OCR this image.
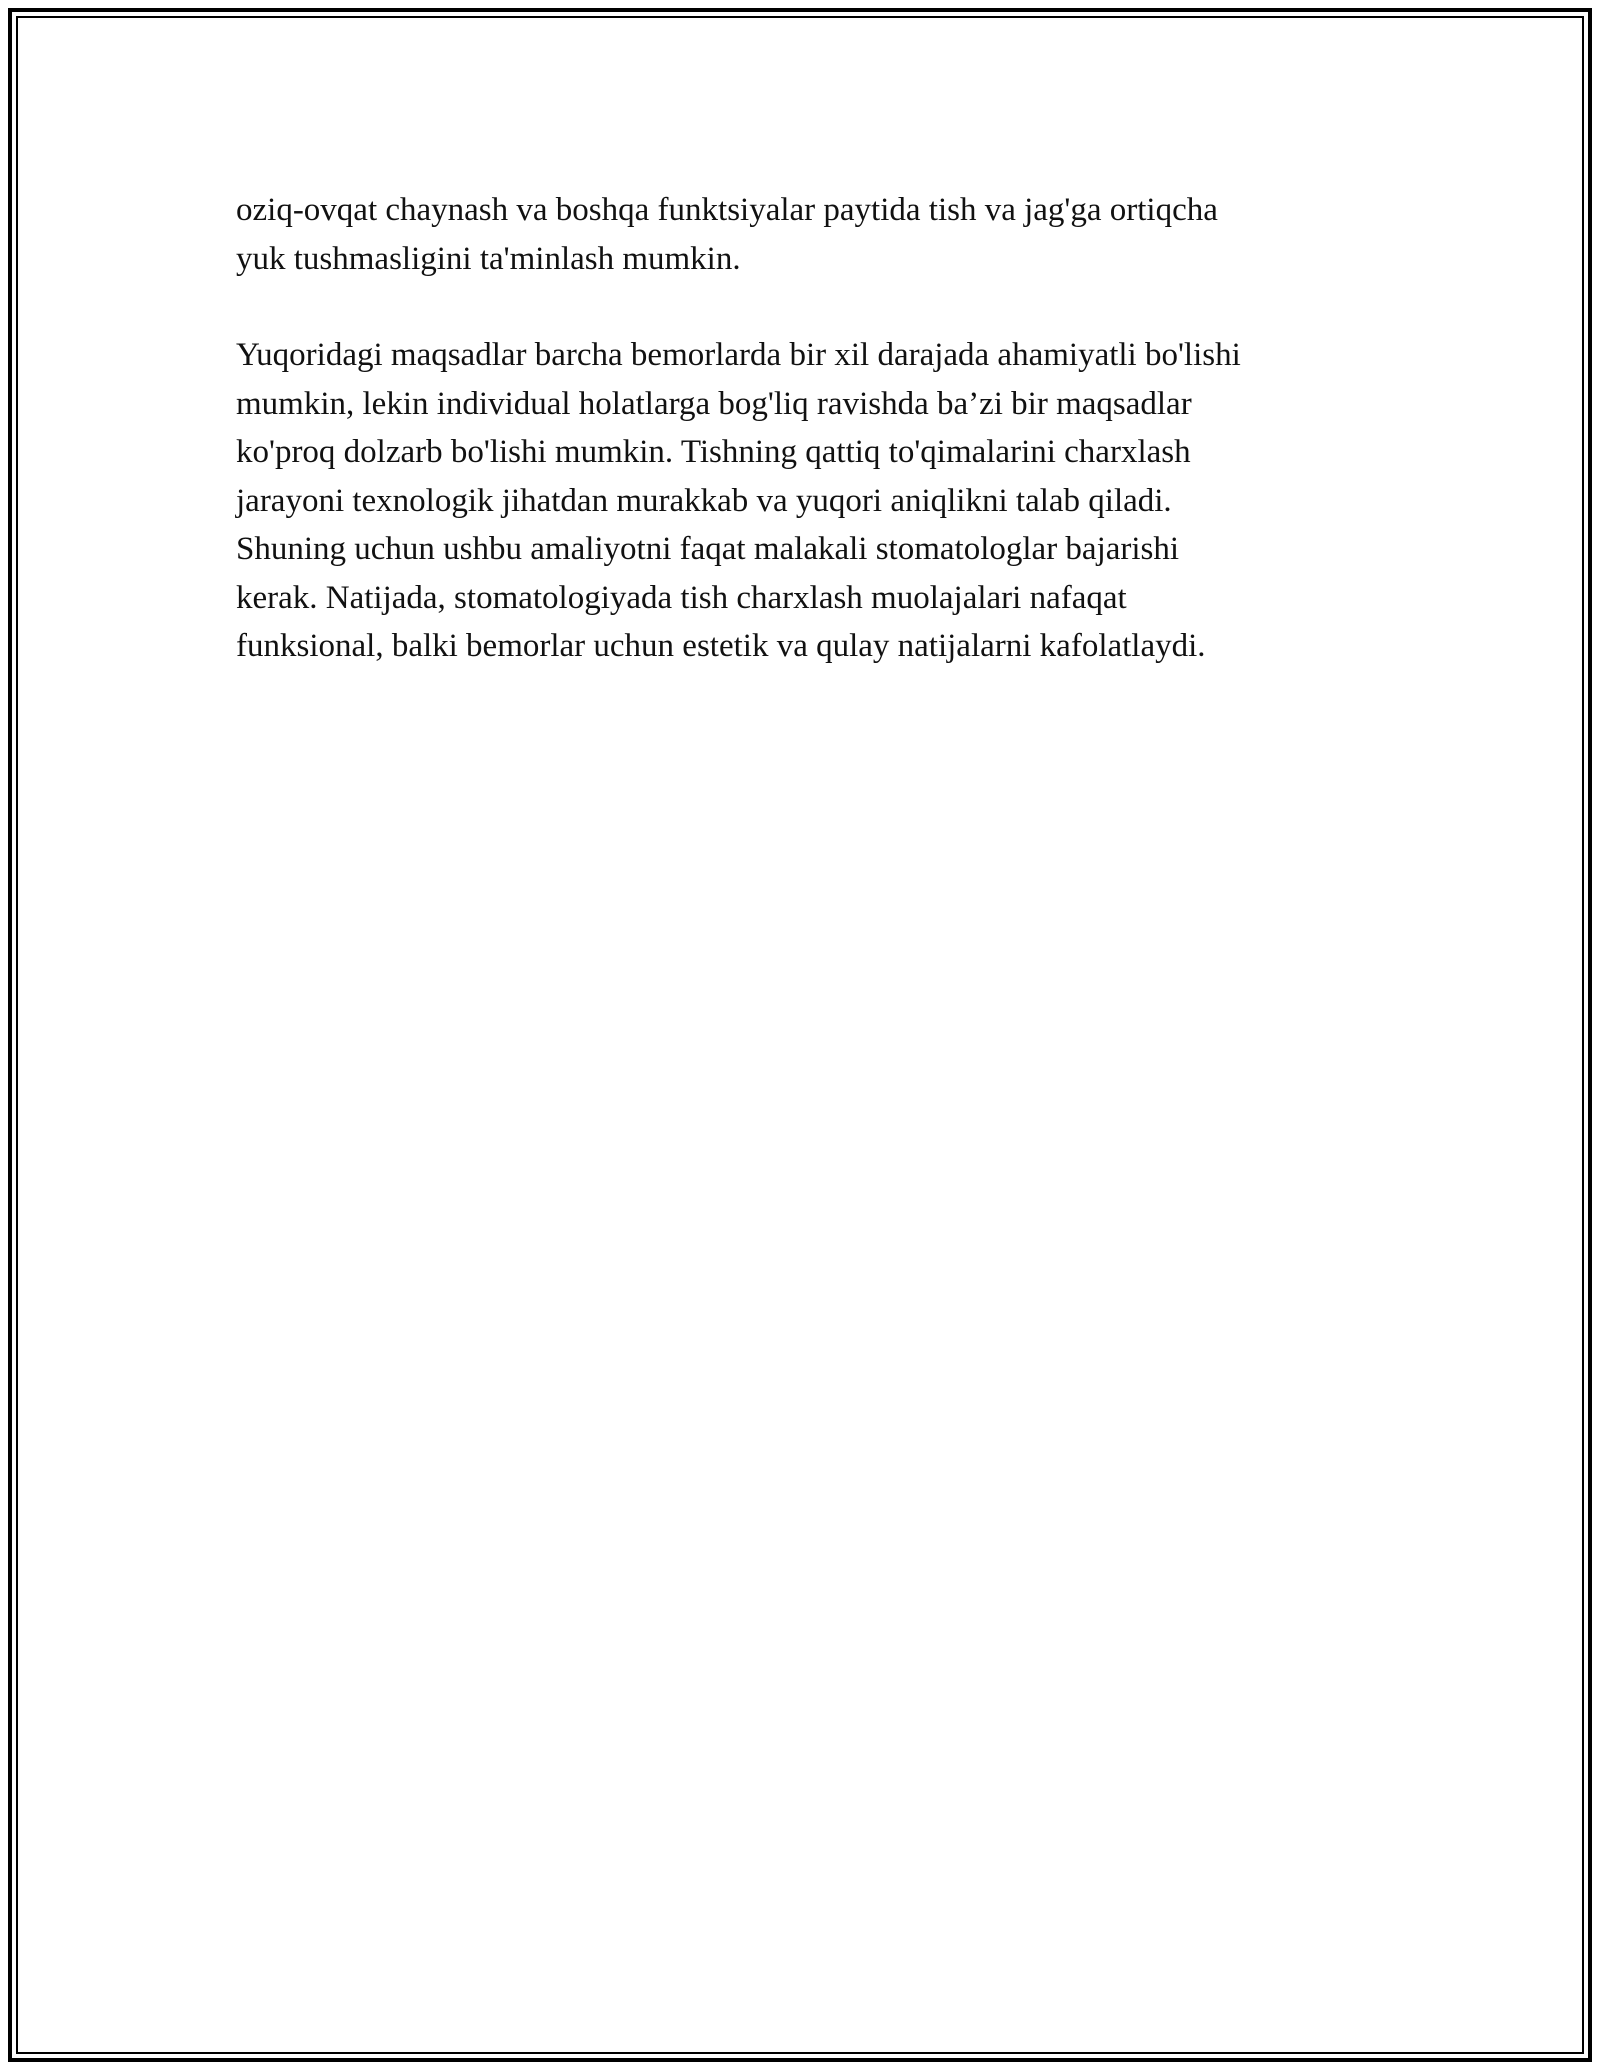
oziq-ovqat chaynash va boshqa funktsiyalar paytida tish va jag'ga ortiqcha
yuk tushmasligini ta'minlash mumkin.

Yuqoridagi maqsadlar barcha bemorlarda bir xil darajada ahamiyatli bo'lishi
mumkin, lekin individual holatlarga bog'liq ravishda ba’zi bir maqsadlar
ko'proq dolzarb bo'lishi mumkin. Tishning qattiq to'qimalarini charxlash
jarayoni texnologik jihatdan murakkab va yuqori aniqlikni talab qiladi.
Shuning uchun ushbu amaliyotni faqat malakali stomatologlar bajarishi
kerak. Natijada, stomatologiyada tish charxlash muolajalari nafaqat
funksional, balki bemorlar uchun estetik va qulay natijalarni kafolatlaydi.
